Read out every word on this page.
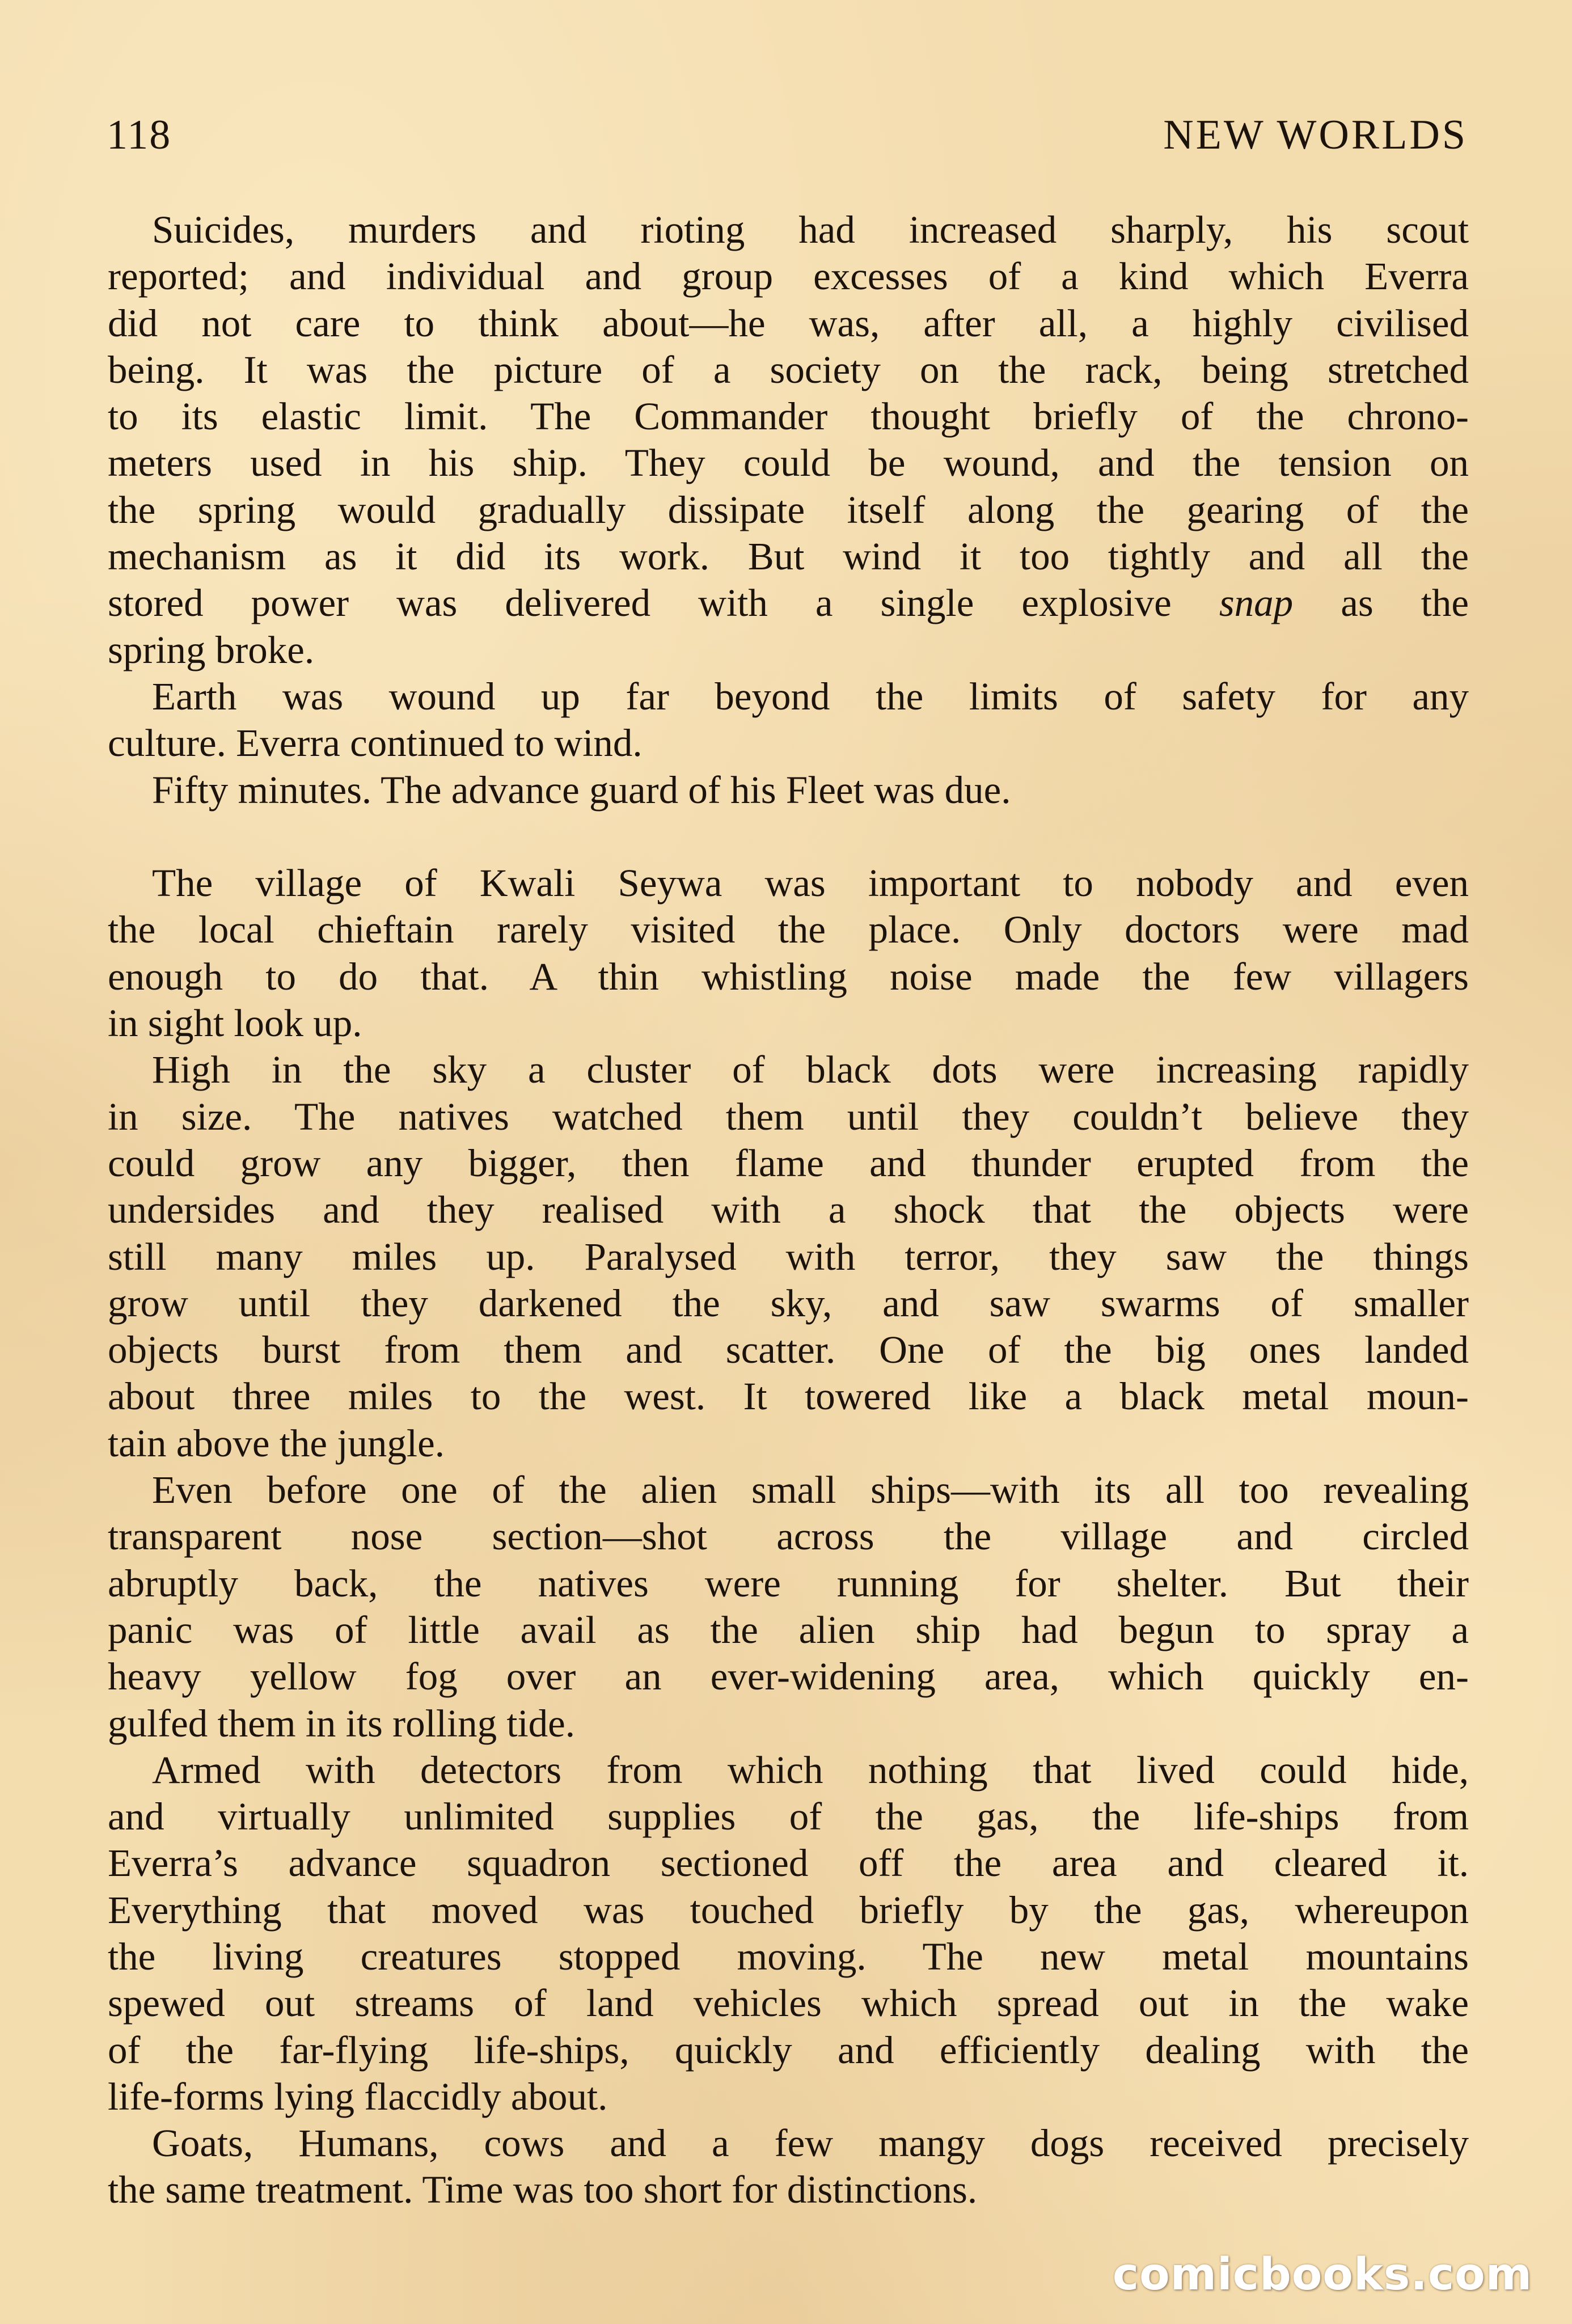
118	NEW WORLDS
Suicides, murders and rioting had increased sharply, his scout
reported; and individual and group excesses of a kind which Everra
did not care to think about—he was, after all, a highly civilised
being. It was the picture of a society on the rack, being stretched
to its elastic limit. The Commander thought briefly of the chrono-
meters used in his ship. They could be wound, and the tension on
the spring would gradually dissipate itself along the gearing of the
mechanism as it did its work. But wind it too tightly and all the
stored power was delivered with a single explosive snap as the
spring broke.
Earth was wound up far beyond the limits of safety for any
culture. Everra continued to wind.
Fifty minutes. The advance guard of his Fleet was due.
The village of Kwali Seywa was important to nobody and even
the local chieftain rarely visited the place. Only doctors were mad
enough to do that. A thin whistling noise made the few villagers
in sight look up.
High in the sky a cluster of black dots were increasing rapidly
in size. The natives watched them until they couldn’t believe they
could grow any bigger, then flame and thunder erupted from the
undersides and they realised with a shock that the objects were
still many miles up. Paralysed with terror, they saw the things
grow until they darkened the sky, and saw swarms of smaller
objects burst from them and scatter. One of the big ones landed
about three miles to the west. It towered like a black metal moun-
tain above the jungle.
Even before one of the alien small ships—with its all too revealing
transparent nose section—shot across the village and circled
abruptly back, the natives were running for shelter. But their
panic was of little avail as the alien ship had begun to spray a
heavy yellow fog over an ever-widening area, which quickly en-
gulfed them in its rolling tide.
Armed with detectors from which nothing that lived could hide,
and virtually unlimited supplies of the gas, the life-ships from
Everra’s advance squadron sectioned off the area and cleared it.
Everything that moved was touched briefly by the gas, whereupon
the living creatures stopped moving. The new metal mountains
spewed out streams of land vehicles which spread out in the wake
of the far-flying life-ships, quickly and efficiently dealing with the
life-forms lying flaccidly about.
Goats, Humans, cows and a few mangy dogs received precisely
the same treatment. Time was too short for distinctions.
comicbooks.com
